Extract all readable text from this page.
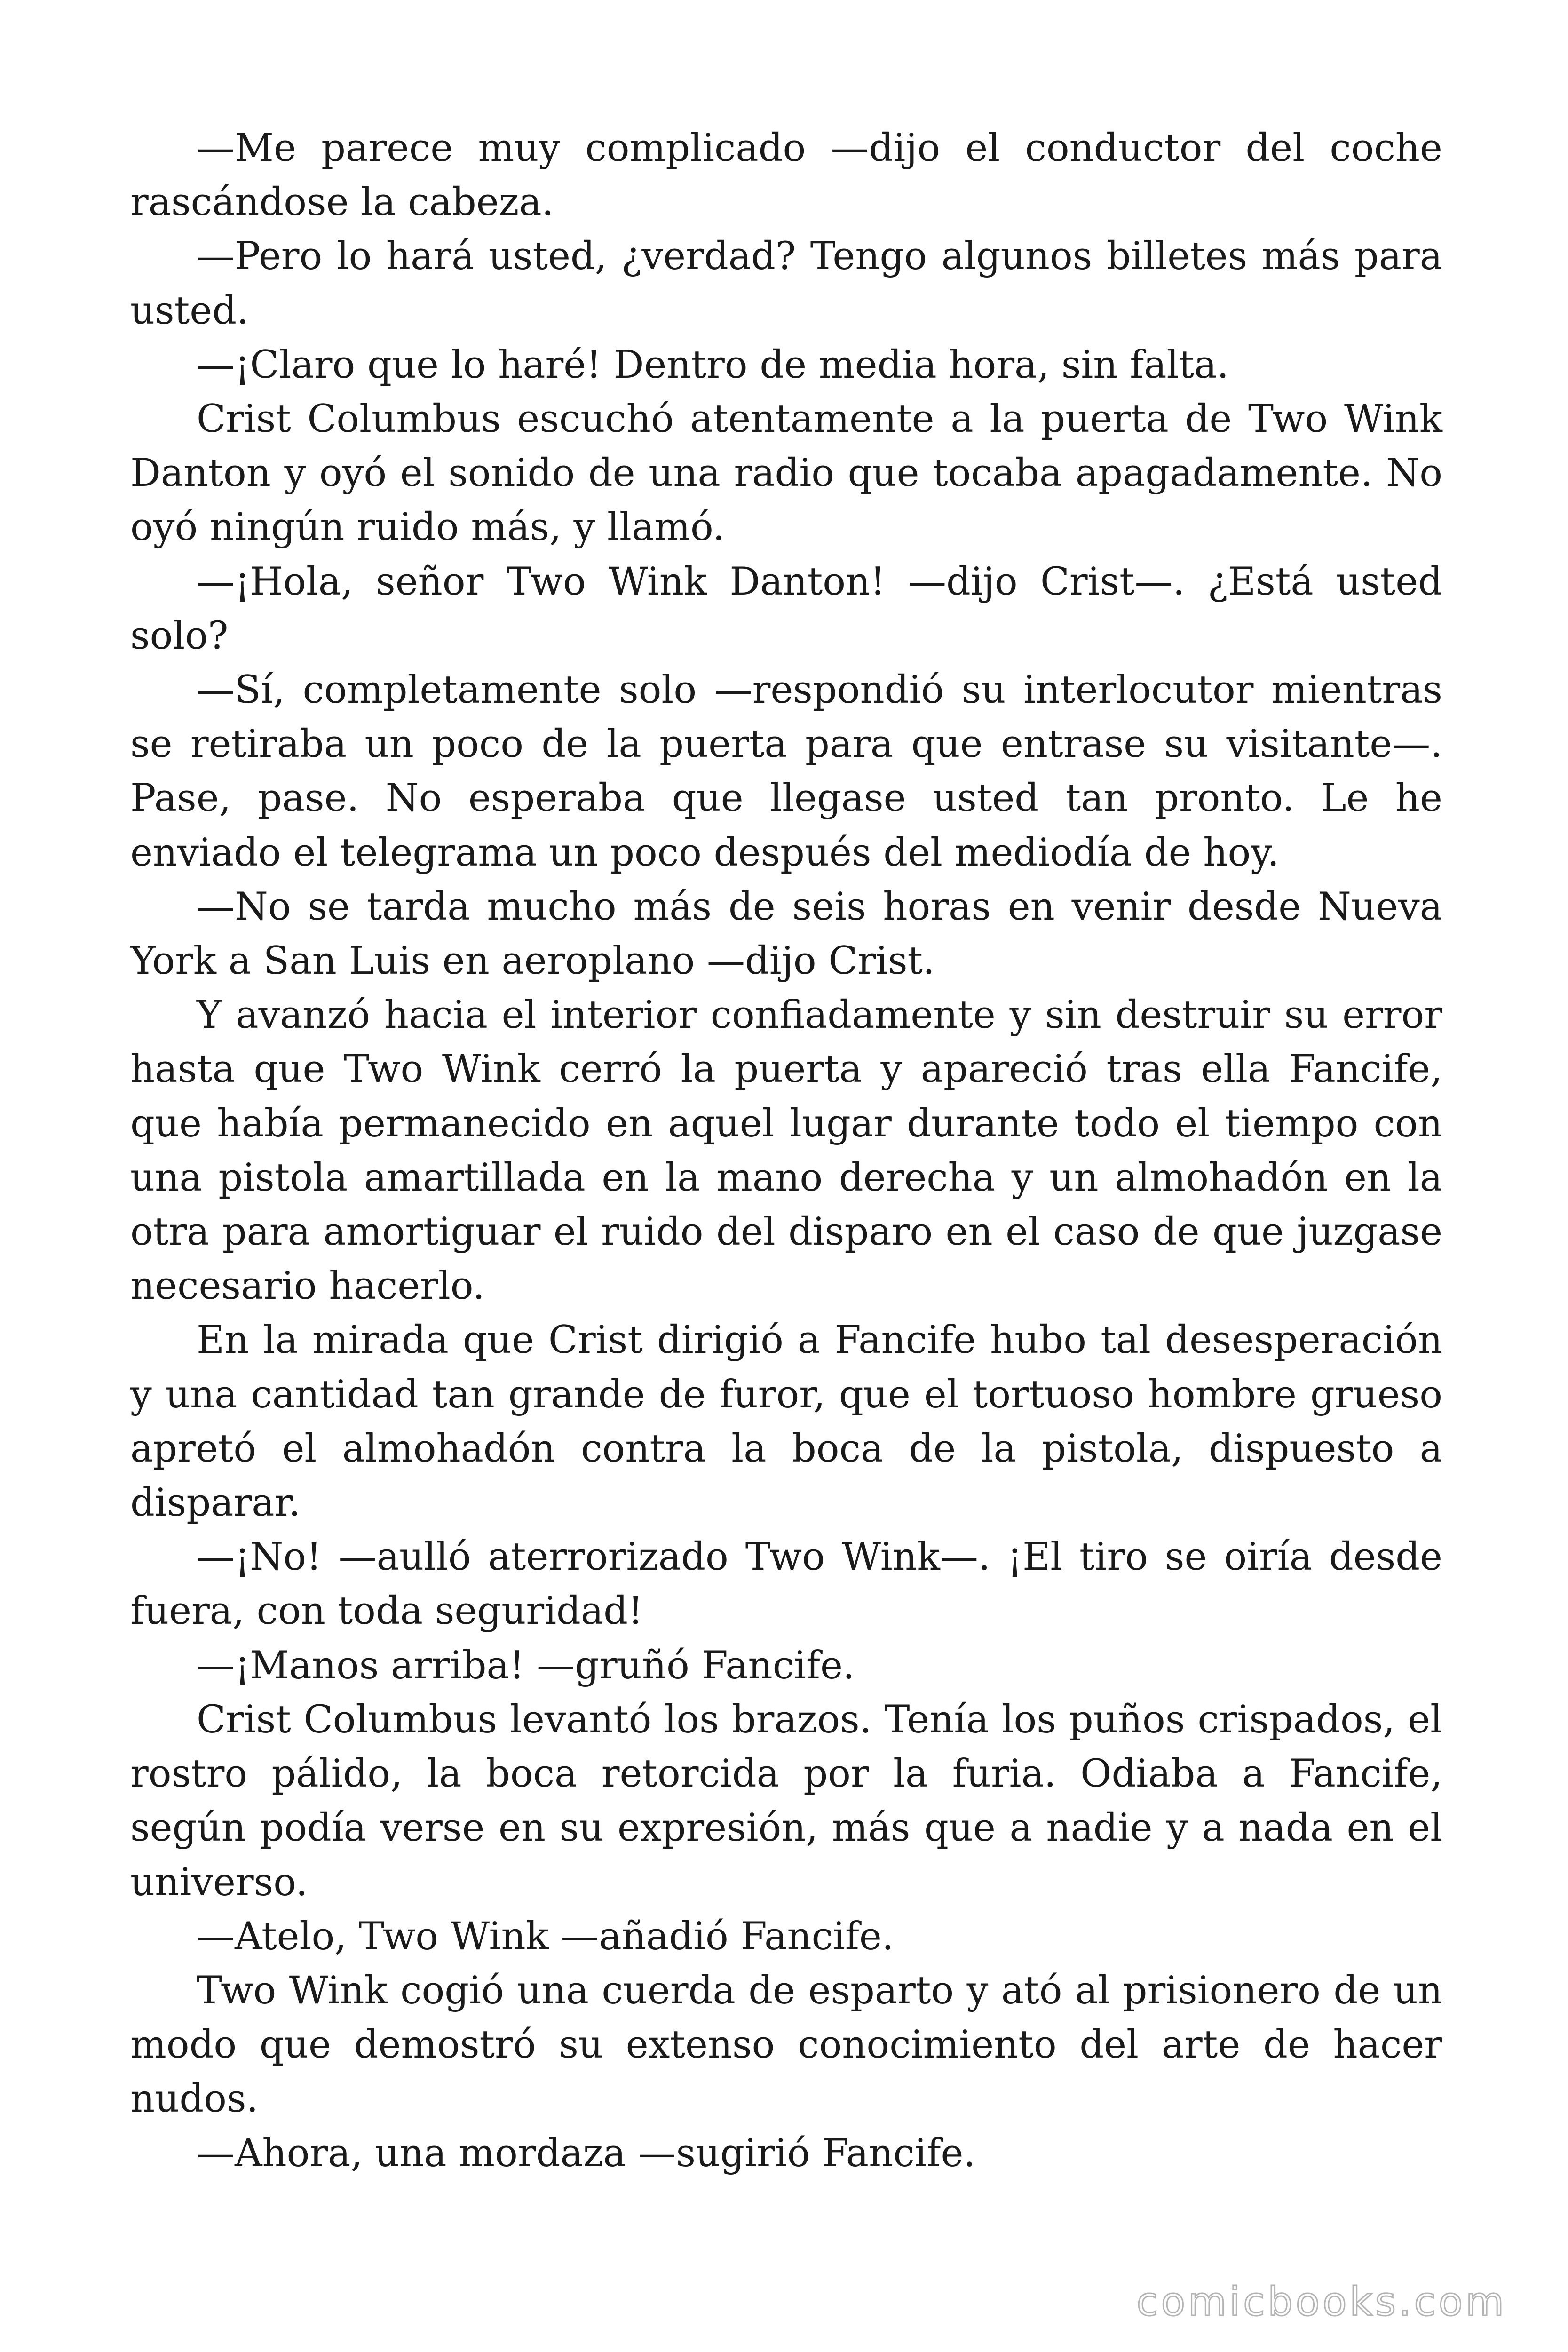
—Me parece muy complicado —dijo el conductor del coche rascándose la cabeza.

—Pero lo hará usted, ¿verdad? Tengo algunos billetes más para usted.

—¡Claro que lo haré! Dentro de media hora, sin falta.

Crist Columbus escuchó atentamente a la puerta de Two Wink Danton y oyó el sonido de una radio que tocaba apagadamente. No oyó ningún ruido más, y llamó.

—¡Hola, señor Two Wink Danton! —dijo Crist—. ¿Está usted solo?

—Sí, completamente solo —respondió su interlocutor mientras se retiraba un poco de la puerta para que entrase su visitante—. Pase, pase. No esperaba que llegase usted tan pronto. Le he enviado el telegrama un poco después del mediodía de hoy.

—No se tarda mucho más de seis horas en venir desde Nueva York a San Luis en aeroplano —dijo Crist.

Y avanzó hacia el interior confiadamente y sin destruir su error hasta que Two Wink cerró la puerta y apareció tras ella Fancife, que había permanecido en aquel lugar durante todo el tiempo con una pistola amartillada en la mano derecha y un almohadón en la otra para amortiguar el ruido del disparo en el caso de que juzgase necesario hacerlo.

En la mirada que Crist dirigió a Fancife hubo tal desesperación y una cantidad tan grande de furor, que el tortuoso hombre grueso apretó el almohadón contra la boca de la pistola, dispuesto a disparar.

—¡No! —aulló aterrorizado Two Wink—. ¡El tiro se oiría desde fuera, con toda seguridad!

—¡Manos arriba! —gruñó Fancife.

Crist Columbus levantó los brazos. Tenía los puños crispados, el rostro pálido, la boca retorcida por la furia. Odiaba a Fancife, según podía verse en su expresión, más que a nadie y a nada en el universo.

—Atelo, Two Wink —añadió Fancife.

Two Wink cogió una cuerda de esparto y ató al prisionero de un modo que demostró su extenso conocimiento del arte de hacer nudos.

—Ahora, una mordaza —sugirió Fancife.

comicbooks.com
